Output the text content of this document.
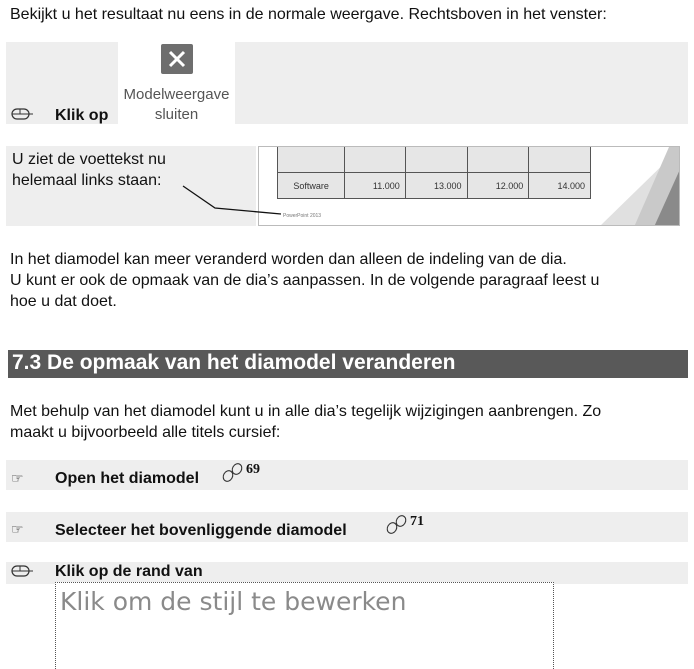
Bekijkt u het resultaat nu eens in de normale weergave. Rechtsboven in het venster:
Klik op
Modelweergave
sluiten
U ziet de voettekst nu
helemaal links staan:
					Software	11.000	13.000	12.000	14.000
PowerPoint 2013
In het diamodel kan meer veranderd worden dan alleen de indeling van de dia.
U kunt er ook de opmaak van de dia’s aanpassen. In de volgende paragraaf leest u
hoe u dat doet.
7.3 De opmaak van het diamodel veranderen
Met behulp van het diamodel kunt u in alle dia’s tegelijk wijzigingen aanbrengen. Zo
maakt u bijvoorbeeld alle titels cursief:
☞ Open het diamodel
69
☞ Selecteer het bovenliggende diamodel
71
Klik op de rand van
Klik om de stijl te bewerken
